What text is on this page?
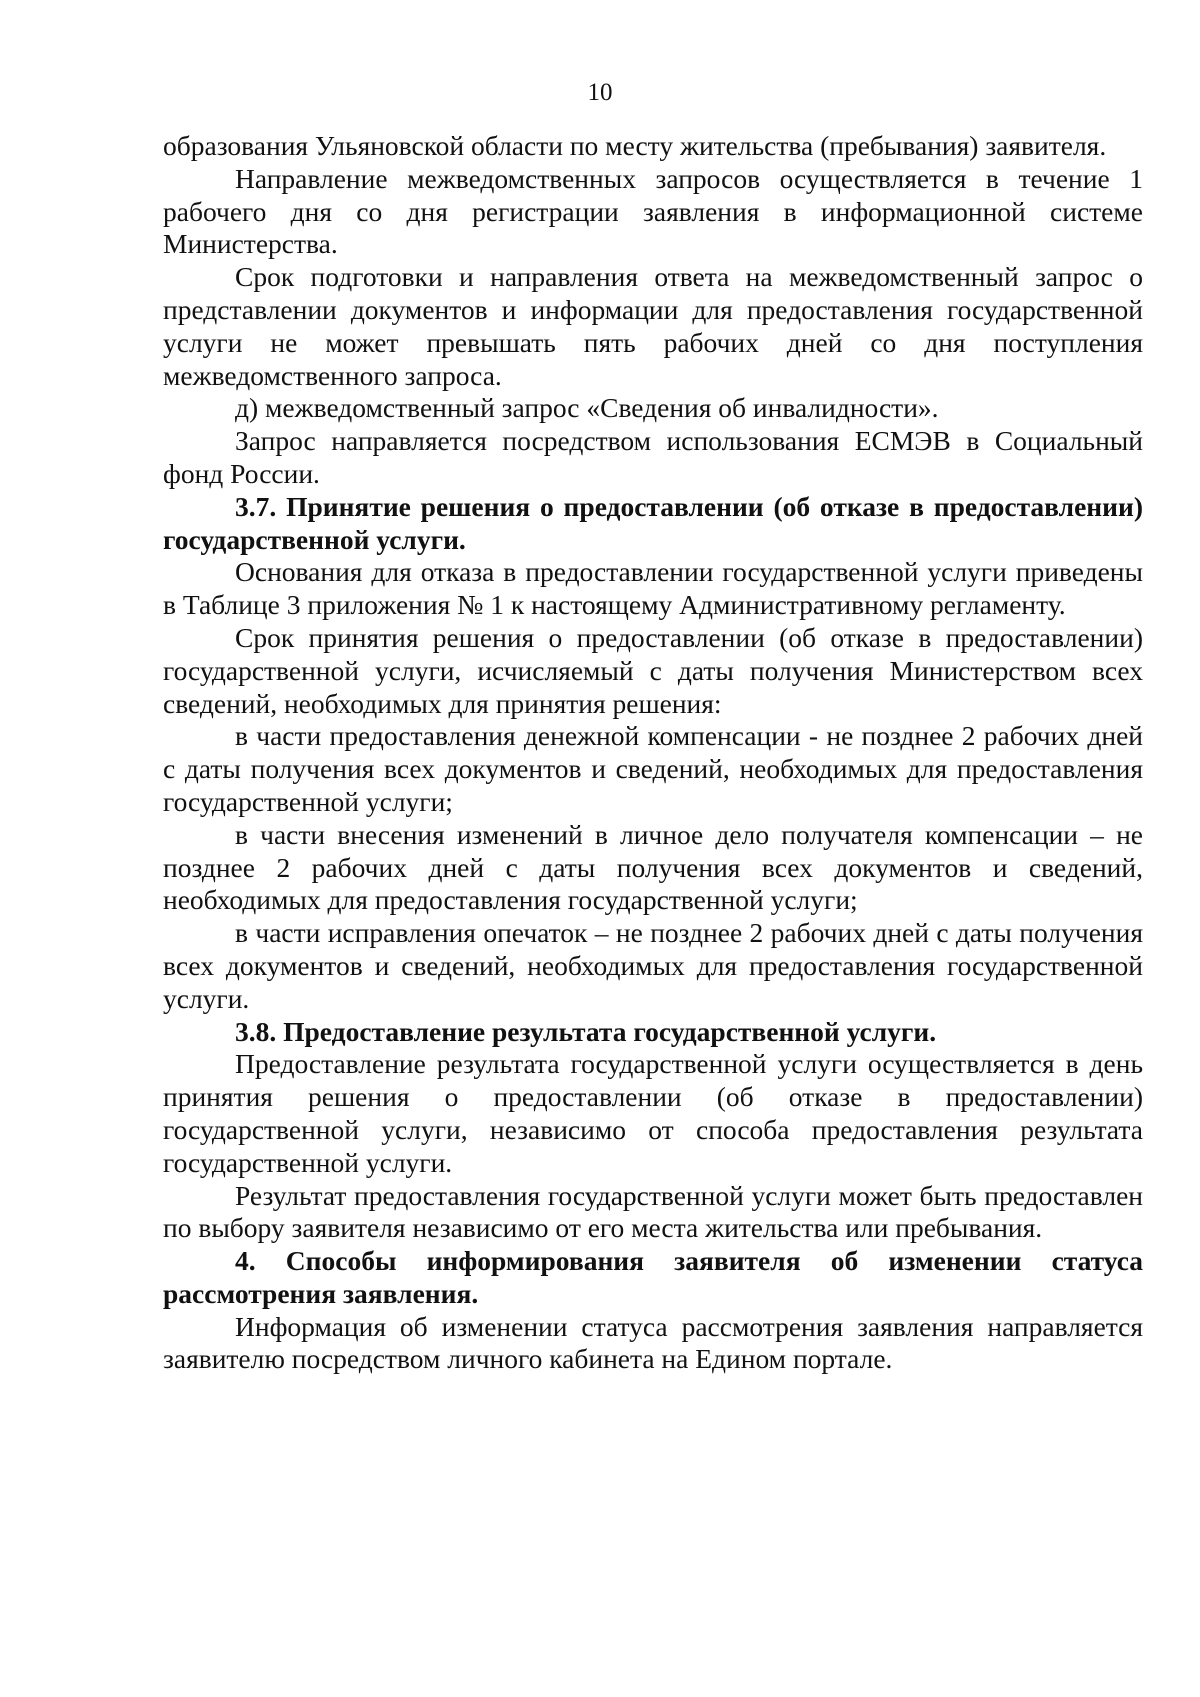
10

образования Ульяновской области по месту жительства (пребывания) заявителя.

Направление межведомственных запросов осуществляется в течение 1 рабочего дня со дня регистрации заявления в информационной системе Министерства.

Срок подготовки и направления ответа на межведомственный запрос о представлении документов и информации для предоставления государственной услуги не может превышать пять рабочих дней со дня поступления межведомственного запроса.

д) межведомственный запрос «Сведения об инвалидности».

Запрос направляется посредством использования ЕСМЭВ в Социальный фонд России.

3.7. Принятие решения о предоставлении (об отказе в предоставлении) государственной услуги.

Основания для отказа в предоставлении государственной услуги приведены в Таблице 3 приложения № 1 к настоящему Административному регламенту.

Срок принятия решения о предоставлении (об отказе в предоставлении) государственной услуги, исчисляемый с даты получения Министерством всех сведений, необходимых для принятия решения:

в части предоставления денежной компенсации - не позднее 2 рабочих дней с даты получения всех документов и сведений, необходимых для предоставления государственной услуги;

в части внесения изменений в личное дело получателя компенсации – не позднее 2 рабочих дней с даты получения всех документов и сведений, необходимых для предоставления государственной услуги;

в части исправления опечаток – не позднее 2 рабочих дней с даты получения всех документов и сведений, необходимых для предоставления государственной услуги.

3.8. Предоставление результата государственной услуги.

Предоставление результата государственной услуги осуществляется в день принятия решения о предоставлении (об отказе в предоставлении) государственной услуги, независимо от способа предоставления результата государственной услуги.

Результат предоставления государственной услуги может быть предоставлен по выбору заявителя независимо от его места жительства или пребывания.

4. Способы информирования заявителя об изменении статуса рассмотрения заявления.

Информация об изменении статуса рассмотрения заявления направляется заявителю посредством личного кабинета на Едином портале.
